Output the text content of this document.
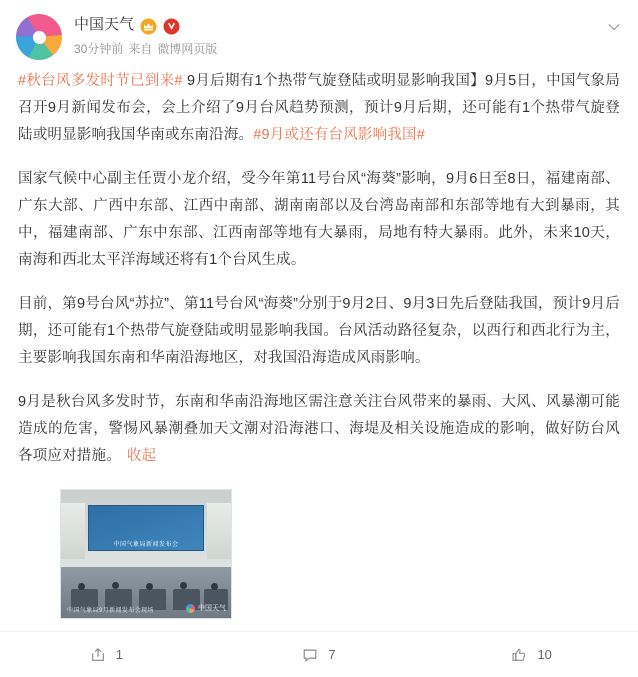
中国天气
30分钟前 来自 微博网页版

#秋台风多发时节已到来# 9月后期有1个热带气旋登陆或明显影响我国】9月5日，中国气象局召开9月新闻发布会，会上介绍了9月台风趋势预测，预计9月后期，还可能有1个热带气旋登陆或明显影响我国华南或东南沿海。#9月或还有台风影响我国#

国家气候中心副主任贾小龙介绍，受今年第11号台风“海葵”影响，9月6日至8日，福建南部、广东大部、广西中东部、江西中南部、湖南南部以及台湾岛南部和东部等地有大到暴雨，其中，福建南部、广东中东部、江西南部等地有大暴雨，局地有特大暴雨。此外，未来10天，南海和西北太平洋海域还将有1个台风生成。

目前，第9号台风“苏拉”、第11号台风“海葵”分别于9月2日、9月3日先后登陆我国，预计9月后期，还可能有1个热带气旋登陆或明显影响我国。台风活动路径复杂，以西行和西北行为主，主要影响我国东南和华南沿海地区，对我国沿海造成风雨影响。

9月是秋台风多发时节，东南和华南沿海地区需注意关注台风带来的暴雨、大风、风暴潮可能造成的危害，警惕风暴潮叠加天文潮对沿海港口、海堤及相关设施造成的影响，做好防台风各项应对措施。 收起

中国气象局新闻发布会
中国气象局9月新闻发布会现场	中国天气
1	7	10
